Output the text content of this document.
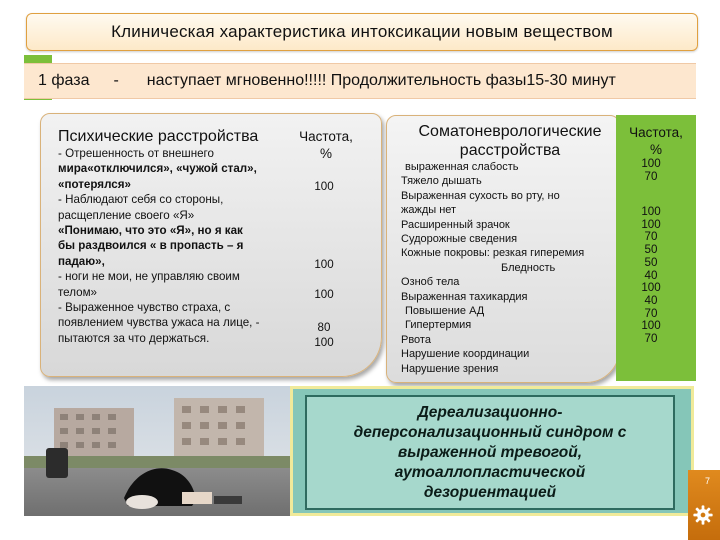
Клиническая характеристика интоксикации новым веществом
1 фаза - наступает мгновенно!!!!! Продолжительность фазы15-30 минут
Психические расстройства	Частота,
%
- Отрешенность от внешнего
мира«отключился», «чужой стал»,
«потерялся»
- Наблюдают себя со стороны,
расщепление своего «Я»
«Понимаю, что это «Я», но я как
бы раздвоился « в пропасть – я
падаю»,
- ноги не мои, не управляю своим
телом»
- Выраженное чувство страха, с
появлением чувства ужаса на лице, -
пытаются за что держаться.
100
100
100
80
100
Соматоневрологические
расстройства
Частота,
%
выраженная слабость
Тяжело дышать
Выраженная сухость во рту, но
жажды нет
Расширенный зрачок
Судорожные сведения
Кожные покровы: резкая гиперемия
Бледность
Озноб тела
Выраженная тахикардия
Повышение АД
Гипертермия
Рвота
Нарушение координации
Нарушение зрения
100
70
100
100
70
50
50
40
100
40
70
100
70
Дереализационно-
деперсонализационный синдром с
выраженной тревогой,
аутоаллопластической
дезориентацией
7
